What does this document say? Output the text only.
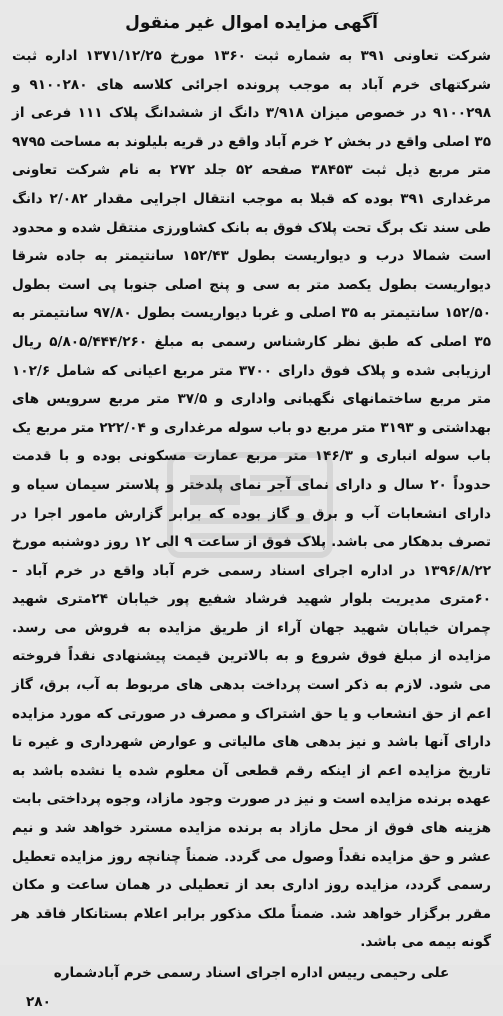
آگهی مزایده اموال غیر منقول

شرکت تعاونی ۳۹۱ به شماره ثبت ۱۳۶۰ مورخ ۱۳۷۱/۱۲/۲۵ اداره ثبت شرکتهای خرم آباد به موجب پرونده اجرائی کلاسه های ۹۱۰۰۲۸۰ و ۹۱۰۰۲۹۸ در خصوص میزان ۳/۹۱۸ دانگ از ششدانگ پلاک ۱۱۱ فرعی از ۳۵ اصلی واقع در بخش ۲ خرم آباد واقع در قریه بلیلوند به مساحت ۹۷۹۵ متر مربع ذیل ثبت ۳۸۴۵۳ صفحه ۵۲ جلد ۲۷۲ به نام شرکت تعاونی مرغداری ۳۹۱ بوده که قبلا به موجب انتقال اجرایی مقدار ۲/۰۸۲ دانگ طی سند تک برگ تحت پلاک فوق به بانک کشاورزی منتقل شده و محدود است شمالا درب و دیواریست بطول ۱۵۲/۴۳ سانتیمتر به جاده شرقا دیواریست بطول یکصد متر به سی و پنج اصلی جنوبا پی است بطول ۱۵۲/۵۰ سانتیمتر به ۳۵ اصلی و غربا دیواریست بطول ۹۷/۸۰ سانتیمتر به ۳۵ اصلی که طبق نظر کارشناس رسمی به مبلغ ۵/۸۰۵/۴۴۴/۲۶۰ ریال ارزیابی شده و پلاک فوق دارای ۳۷۰۰ متر مربع اعیانی که شامل ۱۰۲/۶ متر مربع ساختمانهای نگهبانی واداری و ۳۷/۵ متر مربع سرویس های بهداشتی و ۳۱۹۳ متر مربع دو باب سوله مرغداری و ۲۲۲/۰۴ متر مربع یک باب سوله انباری و ۱۴۶/۳ متر مربع عمارت مسکونی بوده و با قدمت حدوداً ۲۰ سال و دارای نمای آجر نمای پلدختر و پلاستر سیمان سیاه و دارای انشعابات آب و برق و گاز بوده که برابر گزارش مامور اجرا در تصرف بدهکار می باشد. پلاک فوق از ساعت ۹ الی ۱۲ روز دوشنبه مورخ ۱۳۹۶/۸/۲۲ در اداره اجرای اسناد رسمی خرم آباد واقع در خرم آباد - ۶۰متری مدیریت بلوار شهید فرشاد شفیع پور خیابان ۲۴متری شهید چمران خیابان شهید جهان آراء از طریق مزایده به فروش می رسد. مزایده از مبلغ فوق شروع و به بالاترین قیمت پیشنهادی نقداً فروخته می شود. لازم به ذکر است پرداخت بدهی های مربوط به آب، برق، گاز اعم از حق انشعاب و یا حق اشتراک و مصرف در صورتی که مورد مزایده دارای آنها باشد و نیز بدهی های مالیاتی و عوارض شهرداری و غیره تا تاریخ مزایده اعم از اینکه رقم قطعی آن معلوم شده یا نشده باشد به عهده برنده مزایده است و نیز در صورت وجود مازاد، وجوه پرداختی بابت هزینه های فوق از محل مازاد به برنده مزایده مسترد خواهد شد و نیم عشر و حق مزایده نقداً وصول می گردد. ضمناً چنانچه روز مزایده تعطیل رسمی گردد، مزایده روز اداری بعد از تعطیلی در همان ساعت و مکان مقرر برگزار خواهد شد. ضمناً ملک مذکور برابر اعلام بستانکار فاقد هر گونه بیمه می باشد.

علی رحیمی رییس اداره اجرای اسناد رسمی خرم آبادشماره

۲۸۰
